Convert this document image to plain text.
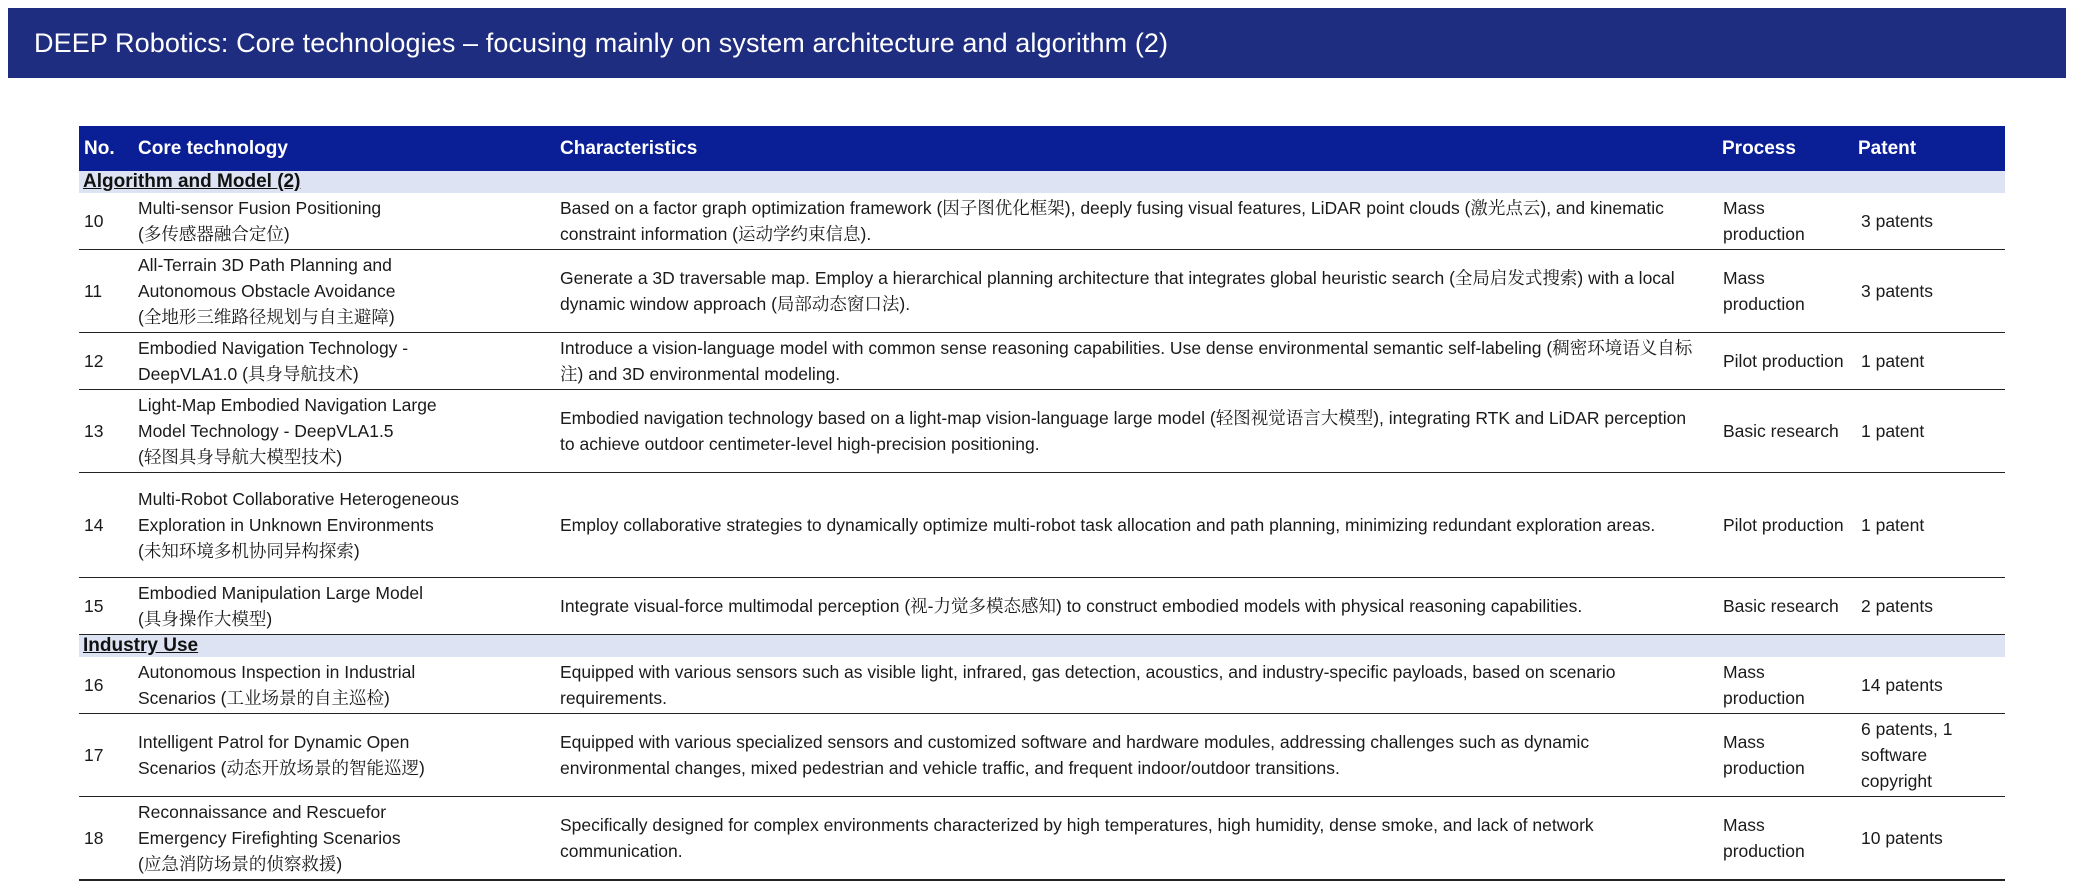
DEEP Robotics: Core technologies – focusing mainly on system architecture and algorithm (2)
No.	Core technology	Characteristics	Process	Patent
Algorithm and Model (2)				
10	Multi-sensor Fusion Positioning
(多传感器融合定位)	Based on a factor graph optimization framework (因子图优化框架), deeply fusing visual features, LiDAR point clouds (激光点云), and kinematic constraint information (运动学约束信息).	Mass production	3 patents
11	All-Terrain 3D Path Planning and
Autonomous Obstacle Avoidance
(全地形三维路径规划与自主避障)	Generate a 3D traversable map. Employ a hierarchical planning architecture that integrates global heuristic search (全局启发式搜索) with a local dynamic window approach (局部动态窗口法).	Mass production	3 patents
12	Embodied Navigation Technology -
DeepVLA1.0 (具身导航技术)	Introduce a vision-language model with common sense reasoning capabilities. Use dense environmental semantic self-labeling (稠密环境语义自标注) and 3D environmental modeling.	Pilot production	1 patent
13	Light-Map Embodied Navigation Large
Model Technology - DeepVLA1.5
(轻图具身导航大模型技术)	Embodied navigation technology based on a light-map vision-language large model (轻图视觉语言大模型), integrating RTK and LiDAR perception to achieve outdoor centimeter-level high-precision positioning.	Basic research	1 patent
14	Multi-Robot Collaborative Heterogeneous
Exploration in Unknown Environments
(未知环境多机协同异构探索)	Employ collaborative strategies to dynamically optimize multi-robot task allocation and path planning, minimizing redundant exploration areas.	Pilot production	1 patent
15	Embodied Manipulation Large Model
(具身操作大模型)	Integrate visual-force multimodal perception (视-力觉多模态感知) to construct embodied models with physical reasoning capabilities.	Basic research	2 patents
Industry Use				
16	Autonomous Inspection in Industrial
Scenarios (工业场景的自主巡检)	Equipped with various sensors such as visible light, infrared, gas detection, acoustics, and industry-specific payloads, based on scenario requirements.	Mass production	14 patents
17	Intelligent Patrol for Dynamic Open
Scenarios (动态开放场景的智能巡逻)	Equipped with various specialized sensors and customized software and hardware modules, addressing challenges such as dynamic environmental changes, mixed pedestrian and vehicle traffic, and frequent indoor/outdoor transitions.	Mass production	6 patents, 1 software copyright
18	Reconnaissance and Rescuefor
Emergency Firefighting Scenarios
(应急消防场景的侦察救援)	Specifically designed for complex environments characterized by high temperatures, high humidity, dense smoke, and lack of network communication.	Mass production	10 patents
